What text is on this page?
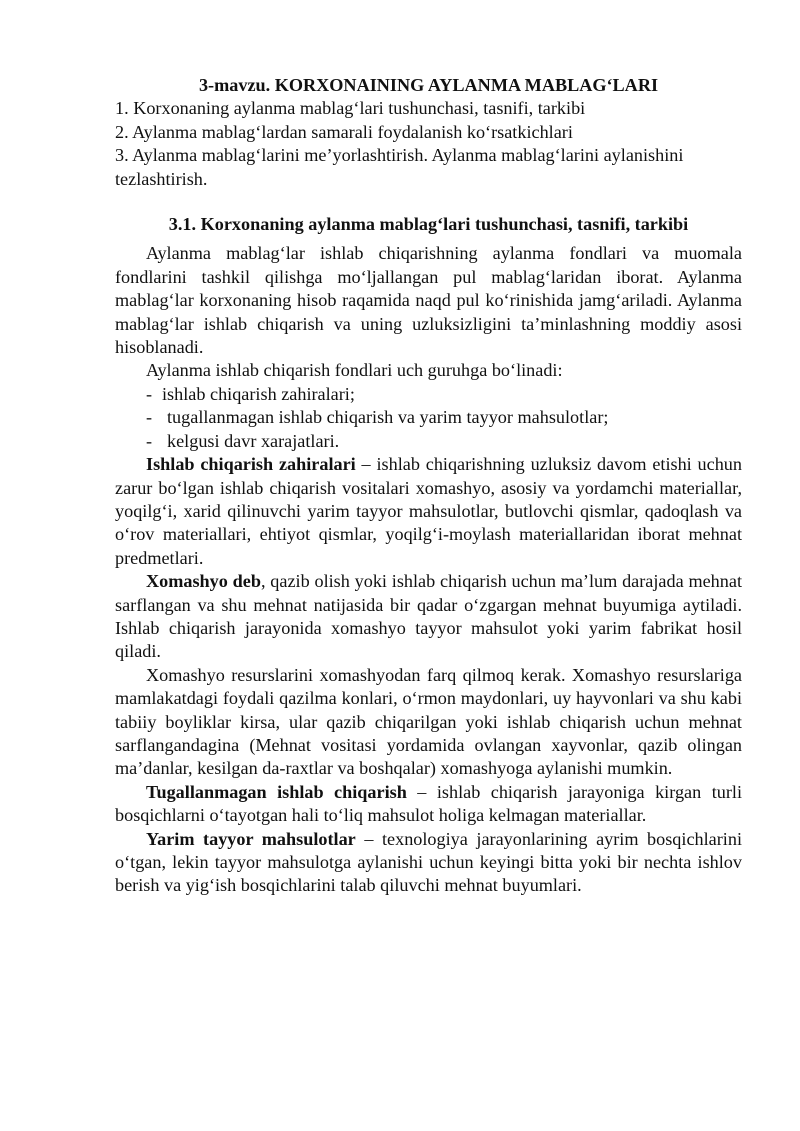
3-mavzu. KORXONAINING AYLANMA MABLAG‘LARI

1. Korxonaning aylanma mablag‘lari tushunchasi, tasnifi, tarkibi

2. Aylanma mablag‘lardan samarali foydalanish ko‘rsatkichlari

3. Aylanma mablag‘larini me’yorlashtirish. Aylanma mablag‘larini aylanishini tezlashtirish.

3.1. Korxonaning aylanma mablag‘lari tushunchasi, tasnifi, tarkibi

Aylanma mablag‘lar ishlab chiqarishning aylanma fondlari va muomala fondlarini tashkil qilishga mo‘ljallangan pul mablag‘laridan iborat. Aylanma mablag‘lar korxonaning hisob raqamida naqd pul ko‘rinishida jamg‘ariladi. Aylanma mablag‘lar ishlab chiqarish va uning uzluksizligini ta’minlashning moddiy asosi hisoblanadi.

Aylanma ishlab chiqarish fondlari uch guruhga bo‘linadi:

- ishlab chiqarish zahiralari;

- tugallanmagan ishlab chiqarish va yarim tayyor mahsulotlar;

- kelgusi davr xarajatlari.

Ishlab chiqarish zahiralari – ishlab chiqarishning uzluksiz davom etishi uchun zarur bo‘lgan ishlab chiqarish vositalari xomashyo, asosiy va yordamchi materiallar, yoqilg‘i, xarid qilinuvchi yarim tayyor mahsulotlar, butlovchi qismlar, qadoqlash va o‘rov materiallari, ehtiyot qismlar, yoqilg‘i-moylash materiallaridan iborat mehnat predmetlari.

Xomashyo deb, qazib olish yoki ishlab chiqarish uchun ma’lum darajada mehnat sarflangan va shu mehnat natijasida bir qadar o‘zgargan mehnat buyumiga aytiladi. Ishlab chiqarish jarayonida xomashyo tayyor mahsulot yoki yarim fabrikat hosil qiladi.

Xomashyo resurslarini xomashyodan farq qilmoq kerak. Xomashyo resurslariga mamlakatdagi foydali qazilma konlari, o‘rmon maydonlari, uy hayvonlari va shu kabi tabiiy boyliklar kirsa, ular qazib chiqarilgan yoki ishlab chiqarish uchun mehnat sarflangandagina (Mehnat vositasi yordamida ovlangan xayvonlar, qazib olingan ma’danlar, kesilgan da-raxtlar va boshqalar) xomashyoga aylanishi mumkin.

Tugallanmagan ishlab chiqarish – ishlab chiqarish jarayoniga kirgan turli bosqichlarni o‘tayotgan hali to‘liq mahsulot holiga kelmagan materiallar.

Yarim tayyor mahsulotlar – texnologiya jarayonlarining ayrim bosqichlarini o‘tgan, lekin tayyor mahsulotga aylanishi uchun keyingi bitta yoki bir nechta ishlov berish va yig‘ish bosqichlarini talab qiluvchi mehnat buyumlari.
